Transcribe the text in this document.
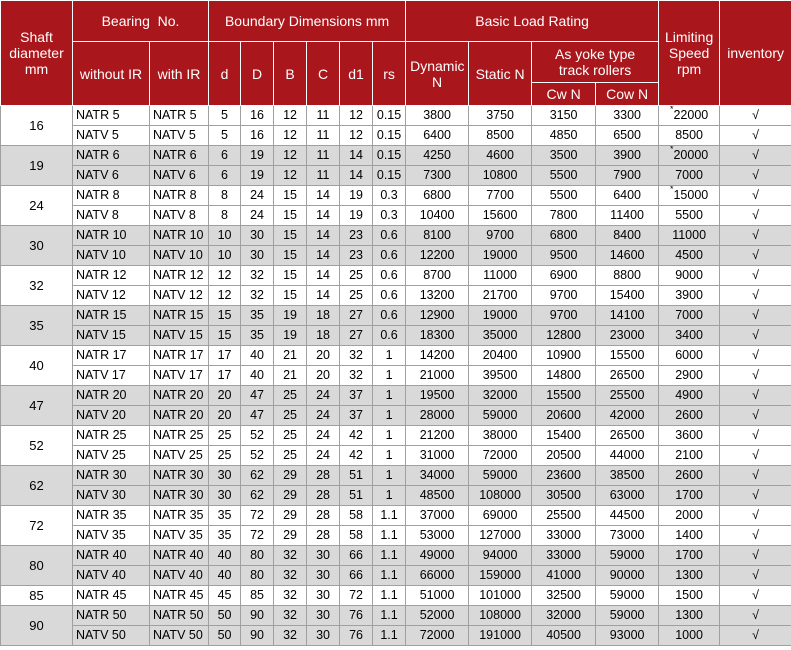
Shaft diameter mm	Bearing  No.		Boundary Dimensions mm						Basic Load Rating				Limiting Speed rpm	inventory
	without IR	with IR	d	D	B	C	d1	rs	Dynamic N	Static N	As yoke type track rollers			
											Cw N	Cow N		
16	NATR 5	NATR 5	5	16	12	11	12	0.15	3800	3750	3150	3300	*22000	√
	NATV 5	NATV 5	5	16	12	11	12	0.15	6400	8500	4850	6500	8500	√
19	NATR 6	NATR 6	6	19	12	11	14	0.15	4250	4600	3500	3900	*20000	√
	NATV 6	NATV 6	6	19	12	11	14	0.15	7300	10800	5500	7900	7000	√
24	NATR 8	NATR 8	8	24	15	14	19	0.3	6800	7700	5500	6400	*15000	√
	NATV 8	NATV 8	8	24	15	14	19	0.3	10400	15600	7800	11400	5500	√
30	NATR 10	NATR 10	10	30	15	14	23	0.6	8100	9700	6800	8400	11000	√
	NATV 10	NATV 10	10	30	15	14	23	0.6	12200	19000	9500	14600	4500	√
32	NATR 12	NATR 12	12	32	15	14	25	0.6	8700	11000	6900	8800	9000	√
	NATV 12	NATV 12	12	32	15	14	25	0.6	13200	21700	9700	15400	3900	√
35	NATR 15	NATR 15	15	35	19	18	27	0.6	12900	19000	9700	14100	7000	√
	NATV 15	NATV 15	15	35	19	18	27	0.6	18300	35000	12800	23000	3400	√
40	NATR 17	NATR 17	17	40	21	20	32	1	14200	20400	10900	15500	6000	√
	NATV 17	NATV 17	17	40	21	20	32	1	21000	39500	14800	26500	2900	√
47	NATR 20	NATR 20	20	47	25	24	37	1	19500	32000	15500	25500	4900	√
	NATV 20	NATR 20	20	47	25	24	37	1	28000	59000	20600	42000	2600	√
52	NATR 25	NATR 25	25	52	25	24	42	1	21200	38000	15400	26500	3600	√
	NATV 25	NATV 25	25	52	25	24	42	1	31000	72000	20500	44000	2100	√
62	NATR 30	NATR 30	30	62	29	28	51	1	34000	59000	23600	38500	2600	√
	NATV 30	NATR 30	30	62	29	28	51	1	48500	108000	30500	63000	1700	√
72	NATR 35	NATR 35	35	72	29	28	58	1.1	37000	69000	25500	44500	2000	√
	NATV 35	NATV 35	35	72	29	28	58	1.1	53000	127000	33000	73000	1400	√
80	NATR 40	NATR 40	40	80	32	30	66	1.1	49000	94000	33000	59000	1700	√
	NATV 40	NATV 40	40	80	32	30	66	1.1	66000	159000	41000	90000	1300	√
85	NATR 45	NATR 45	45	85	32	30	72	1.1	51000	101000	32500	59000	1500	√
90	NATR 50	NATR 50	50	90	32	30	76	1.1	52000	108000	32000	59000	1300	√
	NATV 50	NATV 50	50	90	32	30	76	1.1	72000	191000	40500	93000	1000	√
